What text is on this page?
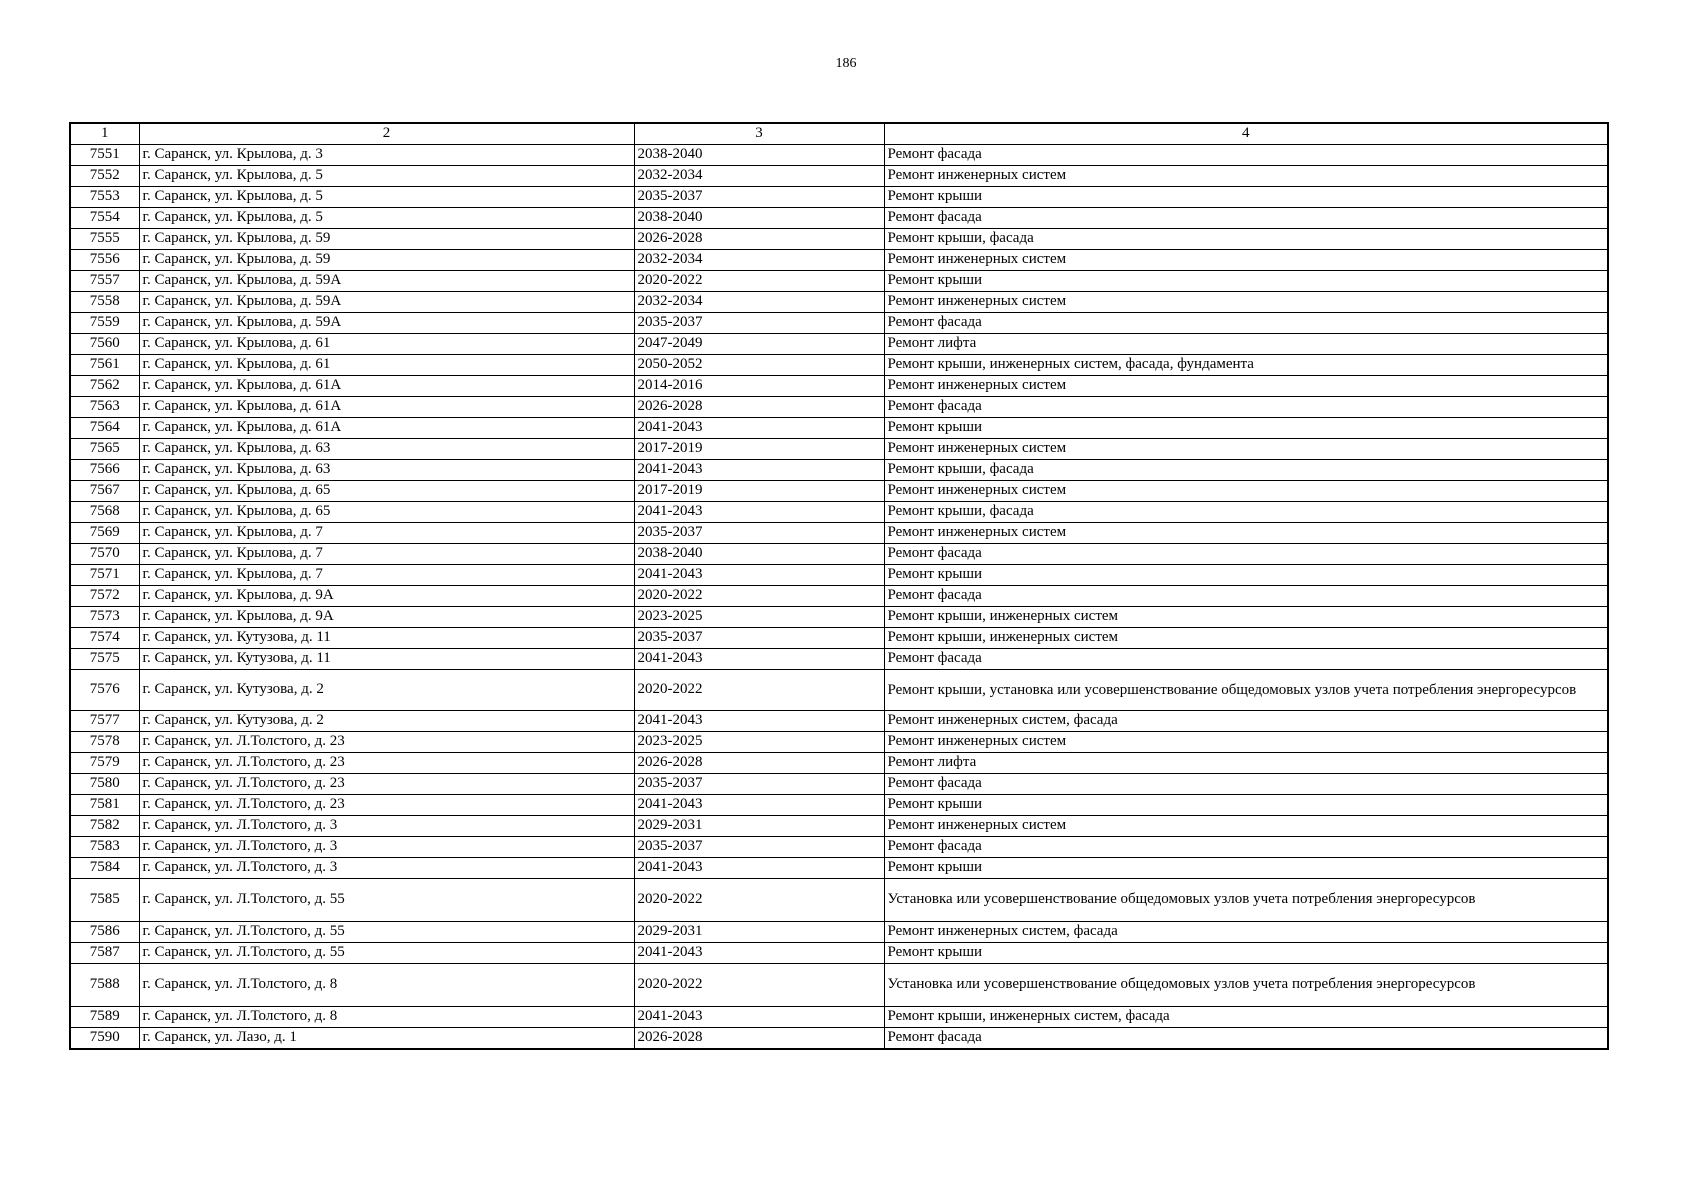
186
1	2	3	4
7551	г. Саранск, ул. Крылова, д. 3	2038-2040	Ремонт фасада
7552	г. Саранск, ул. Крылова, д. 5	2032-2034	Ремонт инженерных систем
7553	г. Саранск, ул. Крылова, д. 5	2035-2037	Ремонт крыши
7554	г. Саранск, ул. Крылова, д. 5	2038-2040	Ремонт фасада
7555	г. Саранск, ул. Крылова, д. 59	2026-2028	Ремонт крыши, фасада
7556	г. Саранск, ул. Крылова, д. 59	2032-2034	Ремонт инженерных систем
7557	г. Саранск, ул. Крылова, д. 59А	2020-2022	Ремонт крыши
7558	г. Саранск, ул. Крылова, д. 59А	2032-2034	Ремонт инженерных систем
7559	г. Саранск, ул. Крылова, д. 59А	2035-2037	Ремонт фасада
7560	г. Саранск, ул. Крылова, д. 61	2047-2049	Ремонт лифта
7561	г. Саранск, ул. Крылова, д. 61	2050-2052	Ремонт крыши, инженерных систем, фасада, фундамента
7562	г. Саранск, ул. Крылова, д. 61А	2014-2016	Ремонт инженерных систем
7563	г. Саранск, ул. Крылова, д. 61А	2026-2028	Ремонт фасада
7564	г. Саранск, ул. Крылова, д. 61А	2041-2043	Ремонт крыши
7565	г. Саранск, ул. Крылова, д. 63	2017-2019	Ремонт инженерных систем
7566	г. Саранск, ул. Крылова, д. 63	2041-2043	Ремонт крыши, фасада
7567	г. Саранск, ул. Крылова, д. 65	2017-2019	Ремонт инженерных систем
7568	г. Саранск, ул. Крылова, д. 65	2041-2043	Ремонт крыши, фасада
7569	г. Саранск, ул. Крылова, д. 7	2035-2037	Ремонт инженерных систем
7570	г. Саранск, ул. Крылова, д. 7	2038-2040	Ремонт фасада
7571	г. Саранск, ул. Крылова, д. 7	2041-2043	Ремонт крыши
7572	г. Саранск, ул. Крылова, д. 9А	2020-2022	Ремонт фасада
7573	г. Саранск, ул. Крылова, д. 9А	2023-2025	Ремонт крыши, инженерных систем
7574	г. Саранск, ул. Кутузова, д. 11	2035-2037	Ремонт крыши, инженерных систем
7575	г. Саранск, ул. Кутузова, д. 11	2041-2043	Ремонт фасада
7576	г. Саранск, ул. Кутузова, д. 2	2020-2022	Ремонт крыши, установка или усовершенствование общедомовых узлов учета потребления энергоресурсов
7577	г. Саранск, ул. Кутузова, д. 2	2041-2043	Ремонт инженерных систем, фасада
7578	г. Саранск, ул. Л.Толстого, д. 23	2023-2025	Ремонт инженерных систем
7579	г. Саранск, ул. Л.Толстого, д. 23	2026-2028	Ремонт лифта
7580	г. Саранск, ул. Л.Толстого, д. 23	2035-2037	Ремонт фасада
7581	г. Саранск, ул. Л.Толстого, д. 23	2041-2043	Ремонт крыши
7582	г. Саранск, ул. Л.Толстого, д. 3	2029-2031	Ремонт инженерных систем
7583	г. Саранск, ул. Л.Толстого, д. 3	2035-2037	Ремонт фасада
7584	г. Саранск, ул. Л.Толстого, д. 3	2041-2043	Ремонт крыши
7585	г. Саранск, ул. Л.Толстого, д. 55	2020-2022	Установка или усовершенствование общедомовых узлов учета потребления энергоресурсов
7586	г. Саранск, ул. Л.Толстого, д. 55	2029-2031	Ремонт инженерных систем, фасада
7587	г. Саранск, ул. Л.Толстого, д. 55	2041-2043	Ремонт крыши
7588	г. Саранск, ул. Л.Толстого, д. 8	2020-2022	Установка или усовершенствование общедомовых узлов учета потребления энергоресурсов
7589	г. Саранск, ул. Л.Толстого, д. 8	2041-2043	Ремонт крыши, инженерных систем, фасада
7590	г. Саранск, ул. Лазо, д. 1	2026-2028	Ремонт фасада
